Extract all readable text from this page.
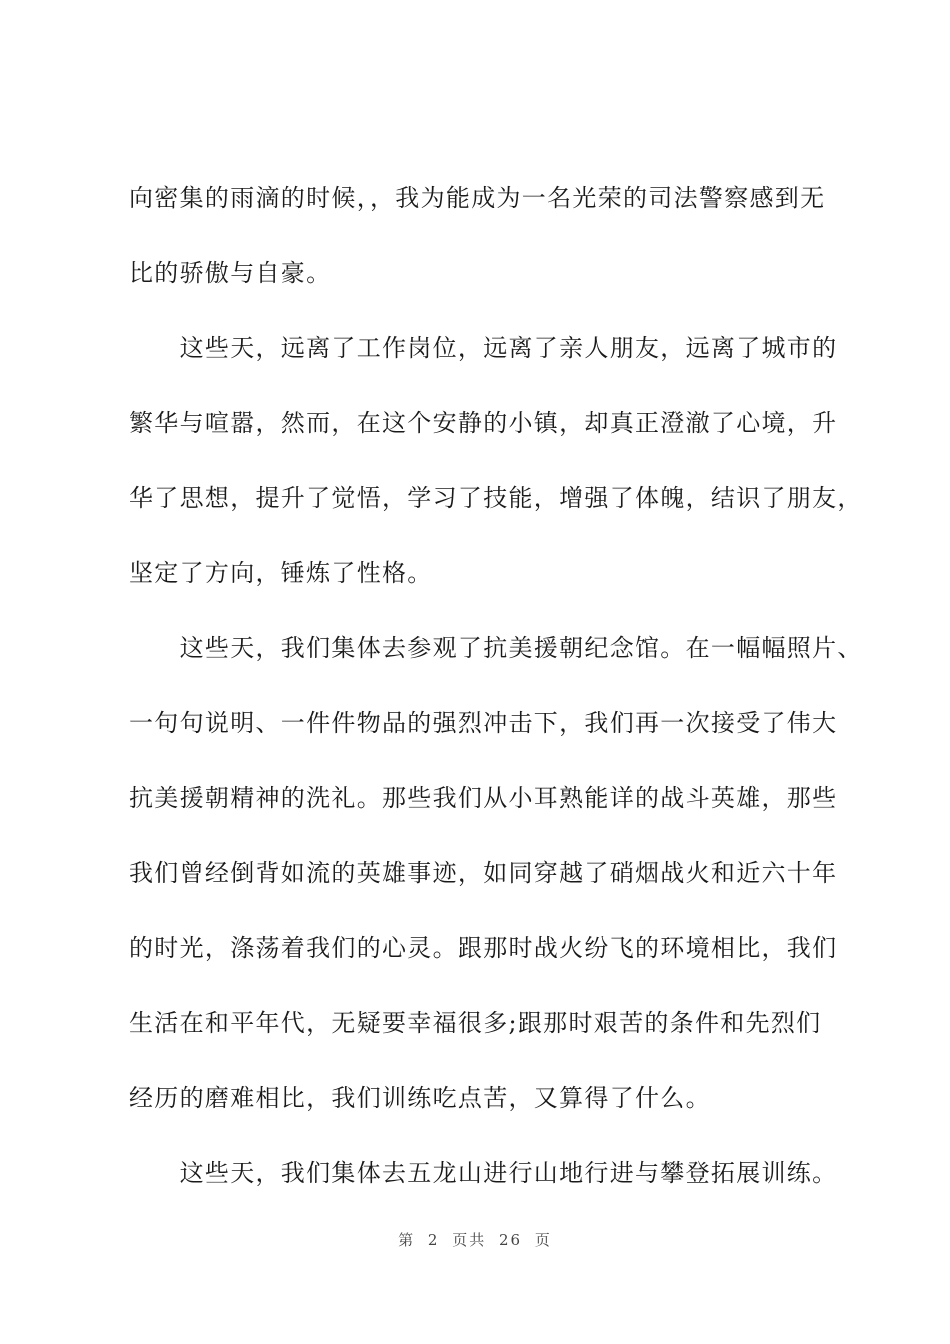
向密集的雨滴的时候，，我为能成为一名光荣的司法警察感到无
比的骄傲与自豪。
　　这些天，远离了工作岗位，远离了亲人朋友，远离了城市的
繁华与喧嚣，然而，在这个安静的小镇，却真正澄澈了心境，升
华了思想，提升了觉悟，学习了技能，增强了体魄，结识了朋友，
坚定了方向，锤炼了性格。
　　这些天，我们集体去参观了抗美援朝纪念馆。在一幅幅照片、
一句句说明、一件件物品的强烈冲击下，我们再一次接受了伟大
抗美援朝精神的洗礼。那些我们从小耳熟能详的战斗英雄，那些
我们曾经倒背如流的英雄事迹，如同穿越了硝烟战火和近六十年
的时光，涤荡着我们的心灵。跟那时战火纷飞的环境相比，我们
生活在和平年代，无疑要幸福很多;跟那时艰苦的条件和先烈们
经历的磨难相比，我们训练吃点苦，又算得了什么。
　　这些天，我们集体去五龙山进行山地行进与攀登拓展训练。
第 2 页共 26 页
